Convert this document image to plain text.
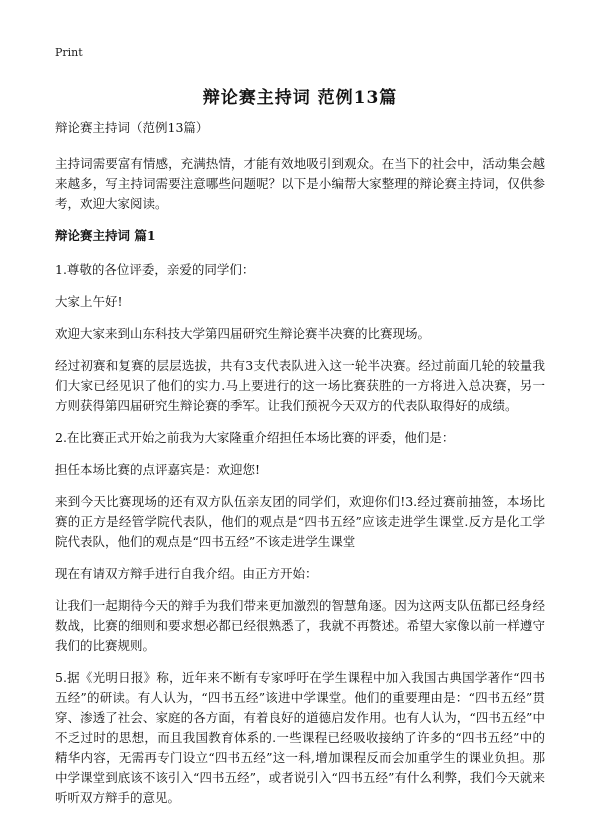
Print
辩论赛主持词 范例13篇

辩论赛主持词（范例13篇）

主持词需要富有情感，充满热情，才能有效地吸引到观众。在当下的社会中，活动集会越来越多，写主持词需要注意哪些问题呢？以下是小编帮大家整理的辩论赛主持词，仅供参考，欢迎大家阅读。

辩论赛主持词 篇1

1.尊敬的各位评委，亲爱的同学们：

大家上午好!

欢迎大家来到山东科技大学第四届研究生辩论赛半决赛的比赛现场。

经过初赛和复赛的层层选拔，共有3支代表队进入这一轮半决赛。经过前面几轮的较量我们大家已经见识了他们的实力.马上要进行的这一场比赛获胜的一方将进入总决赛，另一方则获得第四届研究生辩论赛的季军。让我们预祝今天双方的代表队取得好的成绩。

2.在比赛正式开始之前我为大家隆重介绍担任本场比赛的评委，他们是：

担任本场比赛的点评嘉宾是：欢迎您!

来到今天比赛现场的还有双方队伍亲友团的同学们，欢迎你们!3.经过赛前抽签，本场比赛的正方是经管学院代表队，他们的观点是“四书五经”应该走进学生课堂.反方是化工学院代表队，他们的观点是“四书五经”不该走进学生课堂

现在有请双方辩手进行自我介绍。由正方开始：

让我们一起期待今天的辩手为我们带来更加激烈的智慧角逐。因为这两支队伍都已经身经数战，比赛的细则和要求想必都已经很熟悉了，我就不再赘述。希望大家像以前一样遵守我们的比赛规则。

5.据《光明日报》称，近年来不断有专家呼吁在学生课程中加入我国古典国学著作“四书五经”的研读。有人认为，“四书五经”该进中学课堂。他们的重要理由是：“四书五经”贯穿、渗透了社会、家庭的各方面，有着良好的道德启发作用。也有人认为，“四书五经”中不乏过时的思想，而且我国教育体系的.一些课程已经吸收接纳了许多的“四书五经”中的精华内容，无需再专门设立“四书五经”这一科,增加课程反而会加重学生的课业负担。那中学课堂到底该不该引入“四书五经”，或者说引入“四书五经”有什么利弊，我们今天就来听听双方辩手的意见。
